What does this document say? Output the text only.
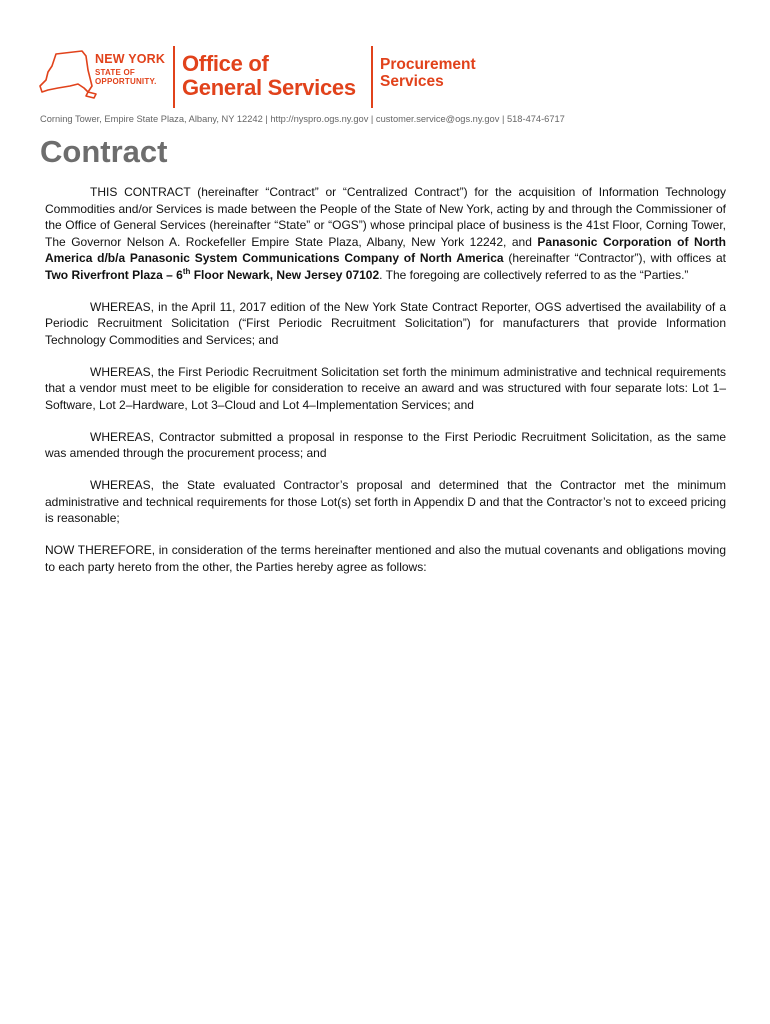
NEW YORK
STATE OF
OPPORTUNITY.
Office of
General Services
Procurement
Services
Corning Tower, Empire State Plaza, Albany, NY 12242 | http://nyspro.ogs.ny.gov | customer.service@ogs.ny.gov | 518-474-6717
Contract

THIS CONTRACT (hereinafter “Contract” or “Centralized Contract”) for the acquisition of Information Technology Commodities and/or Services is made between the People of the State of New York, acting by and through the Commissioner of the Office of General Services (hereinafter “State” or “OGS”) whose principal place of business is the 41st Floor, Corning Tower, The Governor Nelson A. Rockefeller Empire State Plaza, Albany, New York 12242, and Panasonic Corporation of North America d/b/a Panasonic System Communications Company of North America (hereinafter “Contractor”), with offices at Two Riverfront Plaza – 6th Floor Newark, New Jersey 07102. The foregoing are collectively referred to as the “Parties.”

WHEREAS, in the April 11, 2017 edition of the New York State Contract Reporter, OGS advertised the availability of a Periodic Recruitment Solicitation (“First Periodic Recruitment Solicitation”) for manufacturers that provide Information Technology Commodities and Services; and

WHEREAS, the First Periodic Recruitment Solicitation set forth the minimum administrative and technical requirements that a vendor must meet to be eligible for consideration to receive an award and was structured with four separate lots: Lot 1–Software, Lot 2–Hardware, Lot 3–Cloud and Lot 4–Implementation Services; and

WHEREAS, Contractor submitted a proposal in response to the First Periodic Recruitment Solicitation, as the same was amended through the procurement process; and

WHEREAS, the State evaluated Contractor’s proposal and determined that the Contractor met the minimum administrative and technical requirements for those Lot(s) set forth in Appendix D and that the Contractor’s not to exceed pricing is reasonable;

NOW THEREFORE, in consideration of the terms hereinafter mentioned and also the mutual covenants and obligations moving to each party hereto from the other, the Parties hereby agree as follows:
